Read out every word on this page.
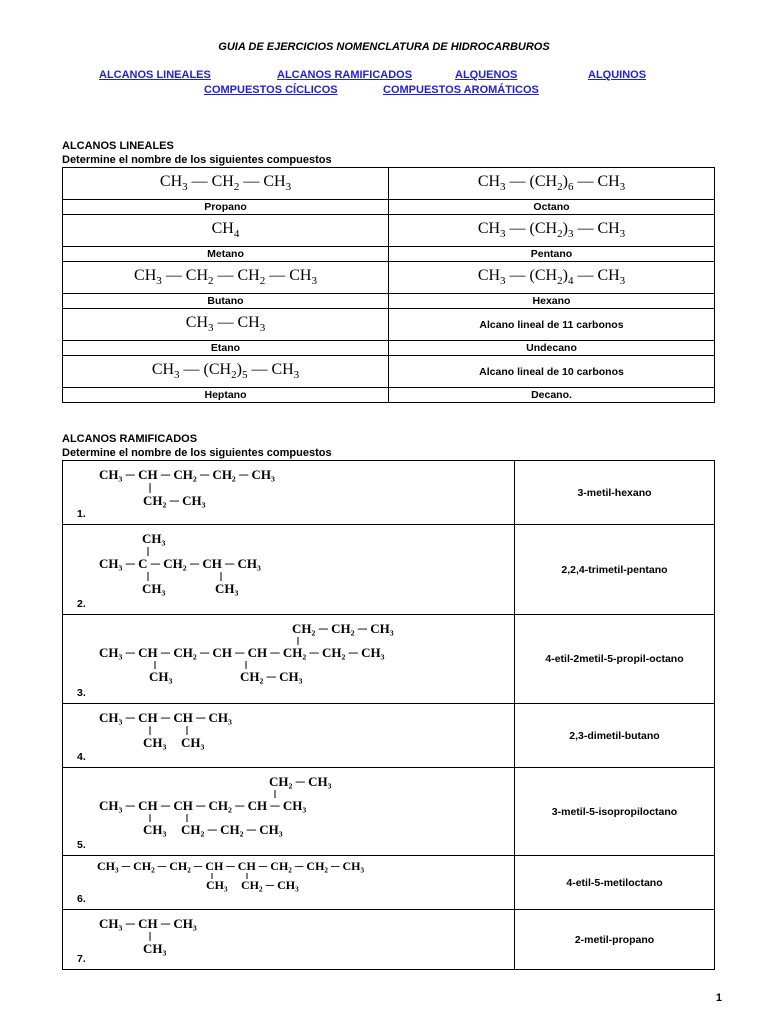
GUIA DE EJERCICIOS NOMENCLATURA DE HIDROCARBUROS
ALCANOS LINEALES	ALCANOS RAMIFICADOS	ALQUENOS	ALQUINOS
COMPUESTOS CÍCLICOS	COMPUESTOS AROMÁTICOS
ALCANOS LINEALES
Determine el nombre de los siguientes compuestos
$CH_3$ — $CH_2$ — $CH_3$	$CH_3$ — $(CH_2)_6$ — $CH_3$
Propano	Octano
$CH_4$	$CH_3$ — $(CH_2)_3$ — $CH_3$
Metano	Pentano
$CH_3$ — $CH_2$ — $CH_2$ — $CH_3$	$CH_3$ — $(CH_2)_4$ — $CH_3$
Butano	Hexano
$CH_3$ — $CH_3$	Alcano lineal de 11 carbonos
Etano	Undecano
$CH_3$ — $(CH_2)_5$ — $CH_3$	Alcano lineal de 10 carbonos
Heptano	Decano.
ALCANOS RAMIFICADOS
Determine el nombre de los siguientes compuestos
CH₃ ─ CH ─ CH₂ ─ CH₂ ─ CH₃
CH₂ ─ CH₃
1.	3-metil-hexano

CH₃
CH₃ ─ C ─ CH₂ ─ CH ─ CH₃
CH₃ CH₃
2.	2,2,4-trimetil-pentano

CH₂ ─ CH₂ ─ CH₃
CH₃ ─ CH ─ CH₂ ─ CH ─ CH ─ CH₂ ─ CH₂ ─ CH₃
CH₃ CH₂ ─ CH₃
3.	4-etil-2metil-5-propil-octano

CH₃ ─ CH ─ CH ─ CH₃
CH₃ CH₃
4.	2,3-dimetil-butano

CH₂ ─ CH₃
CH₃ ─ CH ─ CH ─ CH₂ ─ CH ─ CH₃
CH₃ CH₂ ─ CH₂ ─ CH₃
5.	3-metil-5-isopropiloctano

CH₃ ─ CH₂ ─ CH₂ ─ CH ─ CH ─ CH₂ ─ CH₂ ─ CH₃
CH₃ CH₂ ─ CH₃
6.	4-etil-5-metiloctano

CH₃ ─ CH ─ CH₃
CH₃
7.	2-metil-propano
1
